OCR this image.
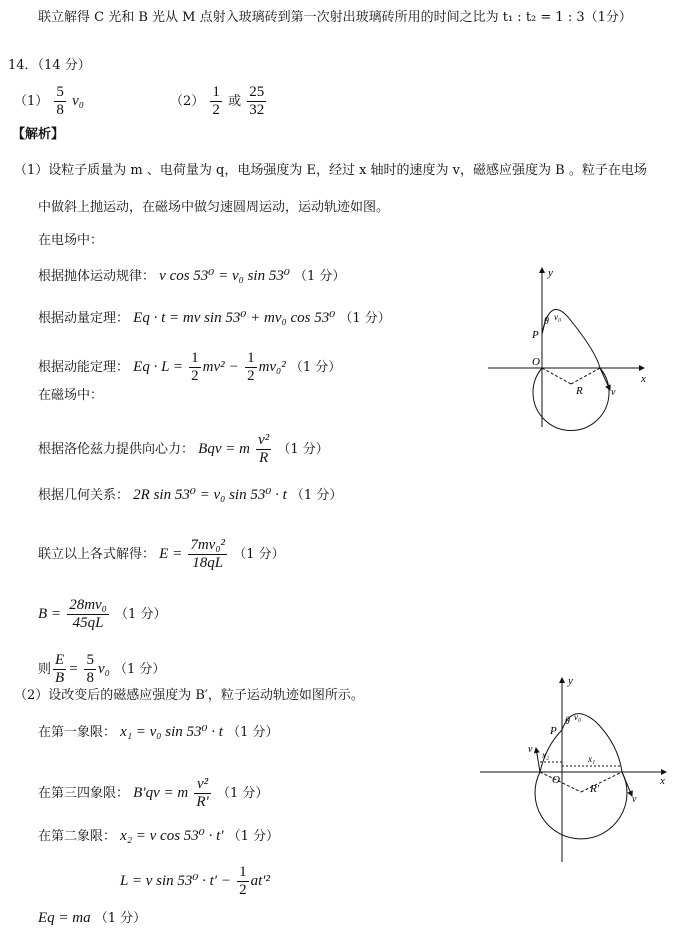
联立解得 C 光和 B 光从 M 点射入玻璃砖到第一次射出玻璃砖所用的时间之比为 t₁ : t₂ = 1 : 3（1分）
14．（14 分）
$(1) \frac{5}{8} v_0$	$(2) \frac{1}{2}$ 或 $\frac{25}{32}$
【解析】
（1）设粒子质量为 m 、电荷量为 q，电场强度为 E，经过 x 轴时的速度为 v，磁感应强度为 B 。粒子在电场
中做斜上抛运动，在磁场中做匀速圆周运动，运动轨迹如图。
在电场中：
根据抛体运动规律： v cos 53⁰ = v₀ sin 53⁰ （1 分）
根据动量定理： Eq · t = mv sin 53⁰ + mv₀ cos 53⁰ （1 分）
根据动能定理： $Eq \cdot L = \frac{1}{2} mv^2 - \frac{1}{2} mv_0^2$ （1 分）
在磁场中：
根据洛伦兹力提供向心力： Bqv = m $\frac{\text{v²}}{R} (1$ 分）
根据几何关系： 2R sin 53⁰ = v₀ sin 53⁰ · t （1 分）
联立以上各式解得： $E = \frac{\text{7mv₀²}}{18qL} (1$ 分）
$B = \frac{\text{28mv₀}}{45qL} (1$ 分）
则 $\frac{E}{B} = \frac{5}{8} v_0$ （1 分）
（2）设改变后的磁感应强度为 B′，粒子运动轨迹如图所示。
在第一象限： x₁ = v₀ sin 53⁰ · t （1 分）
在第三四象限： B′qv = m $\frac{\text{v²}}{R'} (1$ 分）
在第二象限： x₂ = v cos 53⁰ · t′ （1 分）
L = v $\sin 53^0 \cdot t' - \frac{1}{2} at'^2$
Eq = ma （1 分）
y
x
O
P
θ v₀
R	v
y
x
O
P
θ v₀
x₂	x₁
R′
v
v
